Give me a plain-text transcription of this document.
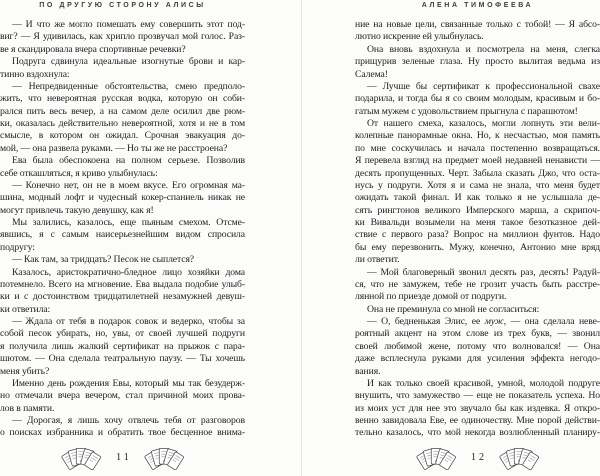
ПО ДРУГУЮ СТОРОНУ АЛИСЫ
— И что же могло помешать ему совершить этот под-
виг? — Я удивилась, как хрипло прозвучал мой голос. Раз-
ве я скандировала вчера спортивные речевки?
Подруга сдвинула идеальные изогнутые брови и кар-
тинно вздохнула:
— Непредвиденные обстоятельства, смею предполо-
жить, что невероятная русская водка, которую он соби-
рался пить весь вечер, а на самом деле осилил две рюм-
ки, оказалась действительно невероятной, хотя и не в том
смысле, в котором он ожидал. Срочная эвакуация до-
мой, — она развела руками. — Но ты же не расстроена?
Ева была обеспокоена на полном серьезе. Позволив
себе откашляться, я криво улыбнулась:
— Конечно нет, он не в моем вкусе. Его огромная ма-
шина, модный лофт и чудесный кокер-спаниель никак не
могут привлечь такую девушку, как я!
Мы залились, казалось, еще пьяным смехом. Отсме-
явшись, я с самым наисерьезнейшим видом спросила
подругу:
— Как там, за тридцать? Песок не сыплется?
Казалось, аристократично-бледное лицо хозяйки дома
потемнело. Всего на мгновение. Ева выдала подобие улыб-
ки и с достоинством тридцатилетней незамужней девуш-
ки ответила:
— Ждала от тебя в подарок совок и ведерко, чтобы за
собой песок убирать, но, увы, от своей лучшей подруги
я получила лишь жалкий сертификат на прыжок с пара-
шютом. — Она сделала театральную паузу. — Ты хочешь
меня убить?
Именно день рождения Евы, который мы так безудерж-
но отмечали вчера вечером, стал причиной моих прова-
лов в памяти.
— Дорогая, я лишь хочу отвлечь тебя от разговоров
о поисках избранника и обратить твое бесценное внима-
11
АЛЕНА ТИМОФЕЕВА
ние на новые цели, связанные только с тобой! — Я абсо-
лютно искренне ей улыбнулась.
Она вновь вздохнула и посмотрела на меня, слегка
прищурив зеленые глаза. Ну просто вылитая ведьма из
Салема!
— Лучше бы сертификат к профессиональной свахе
подарила, и тогда бы я со своим молодым, красивым и бо-
гатым мужем с удовольствием прыгнула с парашютом!
От нашего смеха, казалось, могли лопнуть эти вели-
колепные панорамные окна. Но, к несчастью, моя память
по мне соскучилась и начала постепенно возвращаться.
Я перевела взгляд на предмет моей недавней ненависти —
десять пропущенных. Черт. Забыла сказать Джо, что оста-
нусь у подруги. Хотя я и сама не знала, что меня будет
ожидать такой финал. И как только я не услышала де-
сять рингтонов великого Имперского марша, а скрипоч-
ки Вивальди возымели на меня такое безотказное дей-
ствие с первого раза? Вопрос на миллион фунтов. Надо
бы ему перезвонить. Мужу, конечно, Антонио мне вряд
ли ответит.
— Мой благоверный звонил десять раз, десять! Радуй-
ся, что не замужем, тебе не грозит участь быть расстре-
лянной по приезде домой от подруги.
Она не преминула со мной не согласиться:
— О, бедненькая Элис, ее муж, — она сделала неве-
роятный акцент на этом слове из трех букв, — звонил
своей любимой жене, потому что волновался! — Она
даже всплеснула руками для усиления эффекта негодо-
вания.
И как только своей красивой, умной, молодой подруге
внушить, что замужество — еще не показатель успеха. Но
из моих уст для нее это звучало бы как издевка. Я откро-
венно завидовала Еве, ее одиночеству. Мне порой действи-
тельно казалось, что мой некогда возлюбленный планиру-
12
